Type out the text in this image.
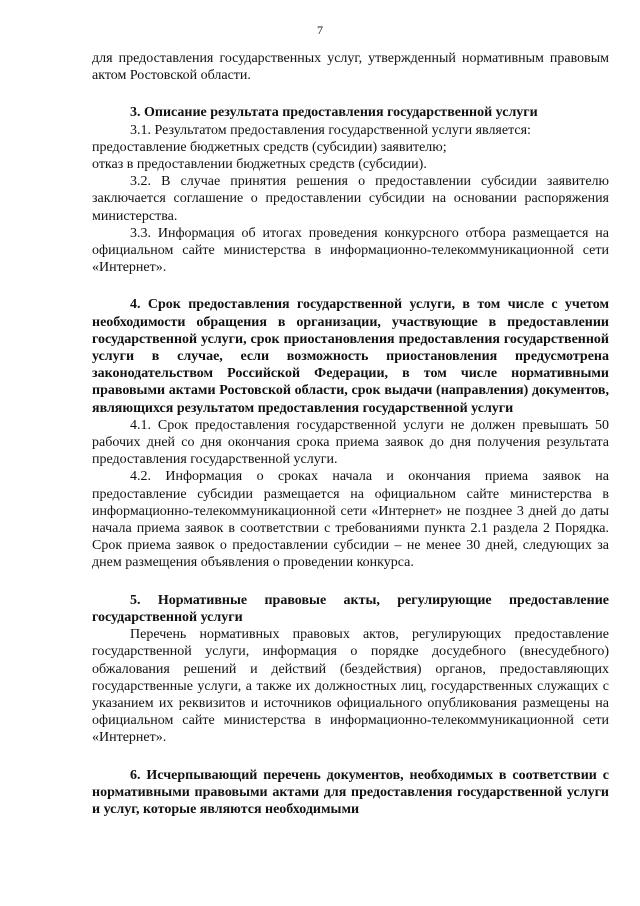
7

для предоставления государственных услуг, утвержденный нормативным правовым актом Ростовской области.

3. Описание результата предоставления государственной услуги

3.1. Результатом предоставления государственной услуги является:

предоставление бюджетных средств (субсидии) заявителю;

отказ в предоставлении бюджетных средств (субсидии).

3.2. В случае принятия решения о предоставлении субсидии заявителю заключается соглашение о предоставлении субсидии на основании распоряжения министерства.

3.3. Информация об итогах проведения конкурсного отбора размещается на официальном сайте министерства в информационно-телекоммуникационной сети «Интернет».

4. Срок предоставления государственной услуги, в том числе с учетом необходимости обращения в организации, участвующие в предоставлении государственной услуги, срок приостановления предоставления государственной услуги в случае, если возможность приостановления предусмотрена законодательством Российской Федерации, в том числе нормативными правовыми актами Ростовской области, срок выдачи (направления) документов, являющихся результатом предоставления государственной услуги

4.1. Срок предоставления государственной услуги не должен превышать 50 рабочих дней со дня окончания срока приема заявок до дня получения результата предоставления государственной услуги.

4.2. Информация о сроках начала и окончания приема заявок на предоставление субсидии размещается на официальном сайте министерства в информационно-телекоммуникационной сети «Интернет» не позднее 3 дней до даты начала приема заявок в соответствии с требованиями пункта 2.1 раздела 2 Порядка. Срок приема заявок о предоставлении субсидии – не менее 30 дней, следующих за днем размещения объявления о проведении конкурса.

5. Нормативные правовые акты, регулирующие предоставление государственной услуги

Перечень нормативных правовых актов, регулирующих предоставление государственной услуги, информация о порядке досудебного (внесудебного) обжалования решений и действий (бездействия) органов, предоставляющих государственные услуги, а также их должностных лиц, государственных служащих с указанием их реквизитов и источников официального опубликования размещены на официальном сайте министерства в информационно-телекоммуникационной сети «Интернет».

6. Исчерпывающий перечень документов, необходимых в соответствии с нормативными правовыми актами для предоставления государственной услуги и услуг, которые являются необходимыми
